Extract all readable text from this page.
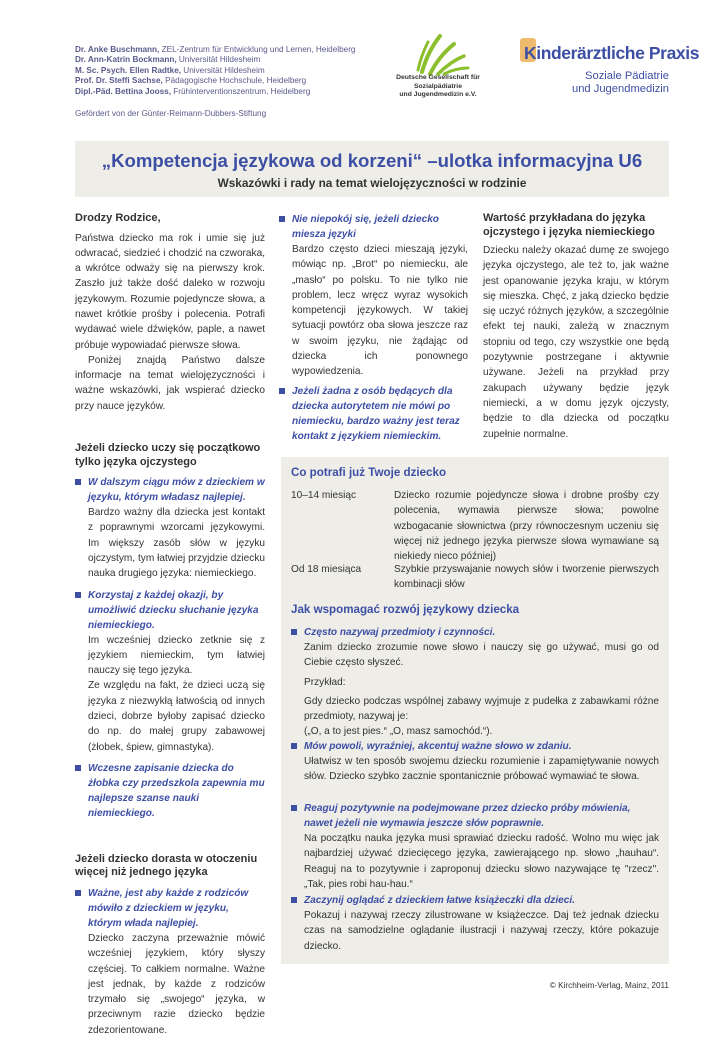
Dr. Anke Buschmann, ZEL-Zentrum für Entwicklung und Lernen, Heidelberg
Dr. Ann-Katrin Bockmann, Universität Hildesheim
M. Sc. Psych. Ellen Radtke, Universität Hildesheim
Prof. Dr. Steffi Sachse, Pädagogische Hochschule, Heidelberg
Dipl.-Päd. Bettina Jooss, Frühinterventionszentrum, Heidelberg
Gefördert von der Günter-Reimann-Dubbers-Stiftung
Deutsche Gesellschaft für Sozialpädiatrie
und Jugendmedizin e.V.
Kinderärztliche Praxis
Soziale Pädiatrie
und Jugendmedizin
„Kompetencja językowa od korzeni“ –ulotka informacyjna U6
Wskazówki i rady na temat wielojęzyczności w rodzinie
Drodzy Rodzice,

Państwa dziecko ma rok i umie się już odwracać, siedzieć i chodzić na czworaka, a wkrótce odważy się na pierwszy krok. Zaszło już także dość daleko w rozwoju językowym. Rozumie pojedyncze słowa, a nawet krótkie prośby i polecenia. Potrafi wydawać wiele dźwięków, paple, a nawet próbuje wypowiadać pierwsze słowa.

Poniżej znajdą Państwo dalsze informacje na temat wielojęzyczności i ważne wskazówki, jak wspierać dziecko przy nauce języków.

Jeżeli dziecko uczy się początkowo tylko języka ojczystego
W dalszym ciągu mów z dzieckiem w języku, którym władasz najlepiej.

Bardzo ważny dla dziecka jest kontakt z poprawnymi wzorcami językowymi. Im większy zasób słów w języku ojczystym, tym łatwiej przyjdzie dziecku nauka drugiego języka: niemieckiego.

Korzystaj z każdej okazji, by umożliwić dziecku słuchanie języka niemieckiego.

Im wcześniej dziecko zetknie się z językiem niemieckim, tym łatwiej nauczy się tego języka.

Ze względu na fakt, że dzieci uczą się języka z niezwykłą łatwością od innych dzieci, dobrze byłoby zapisać dziecko do np. do małej grupy zabawowej (żłobek, śpiew, gimnastyka).

Wczesne zapisanie dziecka do żłobka czy przedszkola zapewnia mu najlepsze szanse nauki niemieckiego.
Jeżeli dziecko dorasta w otoczeniu więcej niż jednego języka
Ważne, jest aby każde z rodziców mówiło z dzieckiem w języku, którym włada najlepiej.

Dziecko zaczyna przeważnie mówić wcześniej językiem, który słyszy częściej. To całkiem normalne. Ważne jest jednak, by każde z rodziców trzymało się „swojego“ języka, w przeciwnym razie dziecko będzie zdezorientowane.

Nie niepokój się, jeżeli dziecko miesza języki

Bardzo często dzieci mieszają języki, mówiąc np. „Brot“ po niemiecku, ale „masło“ po polsku. To nie tylko nie problem, lecz wręcz wyraz wysokich kompetencji językowych. W takiej sytuacji powtórz oba słowa jeszcze raz w swoim języku, nie żądając od dziecka ich ponownego wypowiedzenia.

Jeżeli żadna z osób będących dla dziecka autorytetem nie mówi po niemiecku, bardzo ważny jest teraz kontakt z językiem niemieckim.
Wartość przykładana do języka ojczystego i języka niemieckiego

Dziecku należy okazać dumę ze swojego języka ojczystego, ale też to, jak ważne jest opanowanie języka kraju, w którym się mieszka. Chęć, z jaką dziecko będzie się uczyć różnych języków, a szczególnie efekt tej nauki, zależą w znacznym stopniu od tego, czy wszystkie one będą pozytywnie postrzegane i aktywnie używane. Jeżeli na przykład przy zakupach używany będzie język niemiecki, a w domu język ojczysty, będzie to dla dziecka od początku zupełnie normalne.

Co potrafi już Twoje dziecko
10–14 miesiąc	Dziecko rozumie pojedyncze słowa i drobne prośby czy polecenia, wymawia pierwsze słowa; powolne wzbogacanie słownictwa (przy równoczesnym uczeniu się więcej niż jednego języka pierwsze słowa wymawiane są niekiedy nieco później)
Od 18 miesiąca	Szybkie przyswajanie nowych słów i tworzenie pierwszych kombinacji słów
Jak wspomagać rozwój językowy dziecka
Często nazywaj przedmioty i czynności.

Zanim dziecko zrozumie nowe słowo i nauczy się go używać, musi go od Ciebie często słyszeć.

Przykład:

Gdy dziecko podczas wspólnej zabawy wyjmuje z pudełka z zabawkami różne przedmioty, nazywaj je:

(„O, a to jest pies.“ „O, masz samochód.“).

Mów powoli, wyraźniej, akcentuj ważne słowo w zdaniu.

Ułatwisz w ten sposób swojemu dziecku rozumienie i zapamiętywanie nowych słów. Dziecko szybko zacznie spontanicznie próbować wymawiać te słowa.

Reaguj pozytywnie na podejmowane przez dziecko próby mówienia, nawet jeżeli nie wymawia jeszcze słów poprawnie.

Na początku nauka języka musi sprawiać dziecku radość. Wolno mu więc jak najbardziej używać dziecięcego języka, zawierającego np. słowo „hauhau“. Reaguj na to pozytywnie i zaproponuj dziecku słowo nazywające tę "rzecz". „Tak, pies robi hau-hau.“

Zaczynij oglądać z dzieckiem łatwe książeczki dla dzieci.

Pokazuj i nazywaj rzeczy zilustrowane w książeczce. Daj też jednak dziecku czas na samodzielne oglądanie ilustracji i nazywaj rzeczy, które pokazuje dziecko.

© Kirchheim-Verlag, Mainz, 2011
